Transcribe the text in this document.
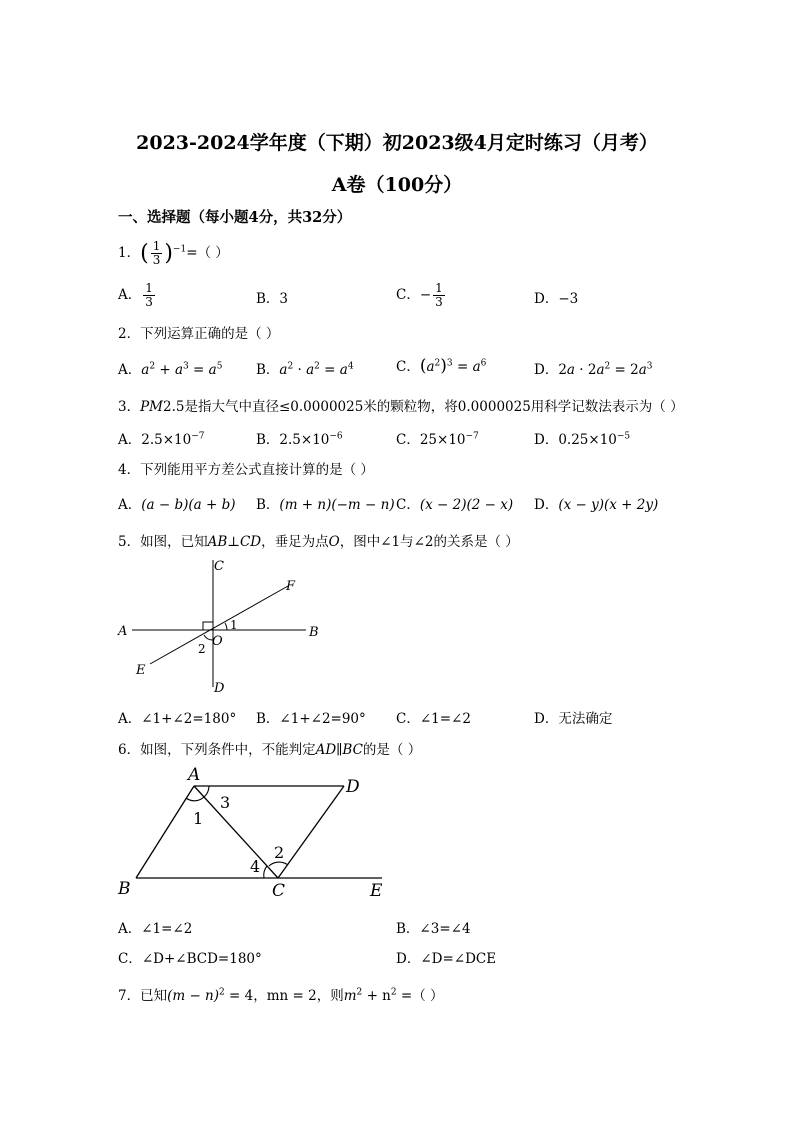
2023-2024学年度（下期）初2023级4月定时练习（月考）
A卷（100分）
一、选择题（每小题4分，共32分）
1．( $\frac{1}{3} )^{-1}=$（ ）
A． $\frac{1}{3}$	B．3	C．− $\frac{1}{3}$	D．−3
2．下列运算正确的是（ ）
A．$a^2 + a^3 = a^5$ B．$a^2 \cdot a^2 = a^4$	C．$(a^2)^3 = a^6$	D．$2a \cdot 2a^2 = 2a^3$
3．PM2.5是指大气中直径≤0.0000025米的颗粒物，将0.0000025用科学记数法表示为（ ）
A．$2.5\times 10^{-7}$	B．$2.5\times 10^{-6}$	C．$25\times 10^{-7}$	D．$0.25\times 10^{-5}$
4．下列能用平方差公式直接计算的是（ ）
A．(a − b)(a + b) B．(m + n)(−m − n) C．(x − 2)(2 − x) D．(x − y)(x + 2y)
5．如图，已知AB⊥CD，垂足为点O，图中∠1与∠2的关系是（ ）
C
D
A	B
F
E
O
1
2
A．∠1+∠2=180° B．∠1+∠2=90° C．∠1=∠2	D．无法确定
6．如图，下列条件中，不能判定AD∥BC的是（ ）
A
D
B	C	E
1
3
4
2
A．∠1=∠2	B．∠3=∠4
C．∠D+∠BCD=180°	D．∠D=∠DCE
7．已知$(m - n)^2 = 4$，mn = 2，则$m^2 + n^2$ =（ ）
